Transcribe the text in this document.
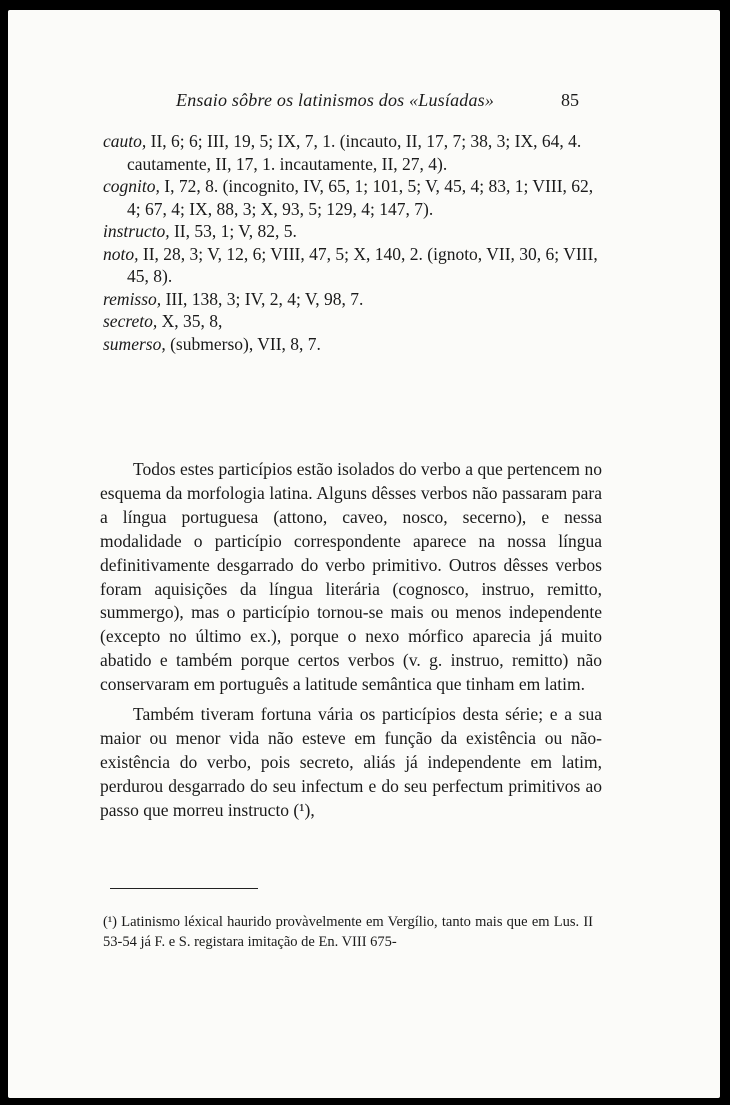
Ensaio sôbre os latinismos dos «Lusíadas»	85
cauto, II, 6; 6; III, 19, 5; IX, 7, 1. (incauto, II, 17, 7; 38, 3; IX, 64, 4. cautamente, II, 17, 1. incautamente, II, 27, 4).
cognito, I, 72, 8. (incognito, IV, 65, 1; 101, 5; V, 45, 4; 83, 1; VIII, 62, 4; 67, 4; IX, 88, 3; X, 93, 5; 129, 4; 147, 7).
instructo, II, 53, 1; V, 82, 5.
noto, II, 28, 3; V, 12, 6; VIII, 47, 5; X, 140, 2. (ignoto, VII, 30, 6; VIII, 45, 8).
remisso, III, 138, 3; IV, 2, 4; V, 98, 7.
secreto, X, 35, 8,
sumerso, (submerso), VII, 8, 7.

Todos estes particípios estão isolados do verbo a que pertencem no esquema da morfologia latina. Alguns dêsses verbos não passaram para a língua portuguesa (attono, caveo, nosco, secerno), e nessa modalidade o particípio correspondente aparece na nossa língua definitivamente desgarrado do verbo primitivo. Outros dêsses verbos foram aquisições da língua literária (cognosco, instruo, remitto, summergo), mas o particípio tornou-se mais ou menos independente (excepto no último ex.), porque o nexo mórfico aparecia já muito abatido e também porque certos verbos (v. g. instruo, remitto) não conservaram em português a latitude semântica que tinham em latim.

Também tiveram fortuna vária os particípios desta série; e a sua maior ou menor vida não esteve em função da existência ou não-existência do verbo, pois secreto, aliás já independente em latim, perdurou desgarrado do seu infectum e do seu perfectum primitivos ao passo que morreu instructo (¹),

(¹) Latinismo léxical haurido provàvelmente em Vergílio, tanto mais que em Lus. II 53-54 já F. e S. registara imitação de En. VIII 675-
